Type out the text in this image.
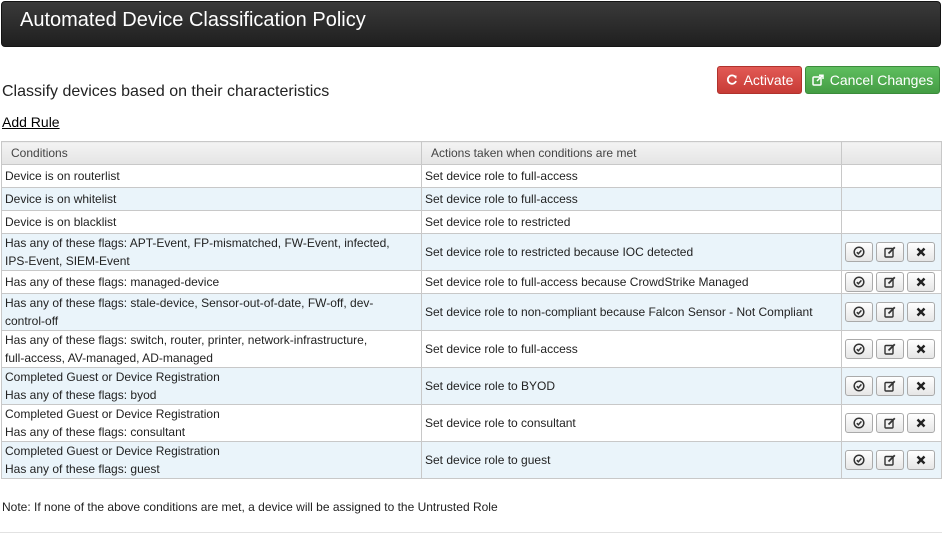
Automated Device Classification Policy
Classify devices based on their characteristics
Activate	Cancel Changes
Add Rule
Conditions	Actions taken when conditions are met	

Device is on routerlist	Set device role to full-access	

Device is on whitelist	Set device role to full-access	

Device is on blacklist	Set device role to restricted	

Has any of these flags: APT-Event, FP-mismatched, FW-Event, infected,
IPS-Event, SIEM-Event	Set device role to restricted because IOC detected	

Has any of these flags: managed-device	Set device role to full-access because CrowdStrike Managed	

Has any of these flags: stale-device, Sensor-out-of-date, FW-off, dev-
control-off	Set device role to non-compliant because Falcon Sensor - Not Compliant	

Has any of these flags: switch, router, printer, network-infrastructure,
full-access, AV-managed, AD-managed	Set device role to full-access	

Completed Guest or Device Registration
Has any of these flags: byod	Set device role to BYOD	

Completed Guest or Device Registration
Has any of these flags: consultant	Set device role to consultant	

Completed Guest or Device Registration
Has any of these flags: guest	Set device role to guest	
Note: If none of the above conditions are met, a device will be assigned to the Untrusted Role
